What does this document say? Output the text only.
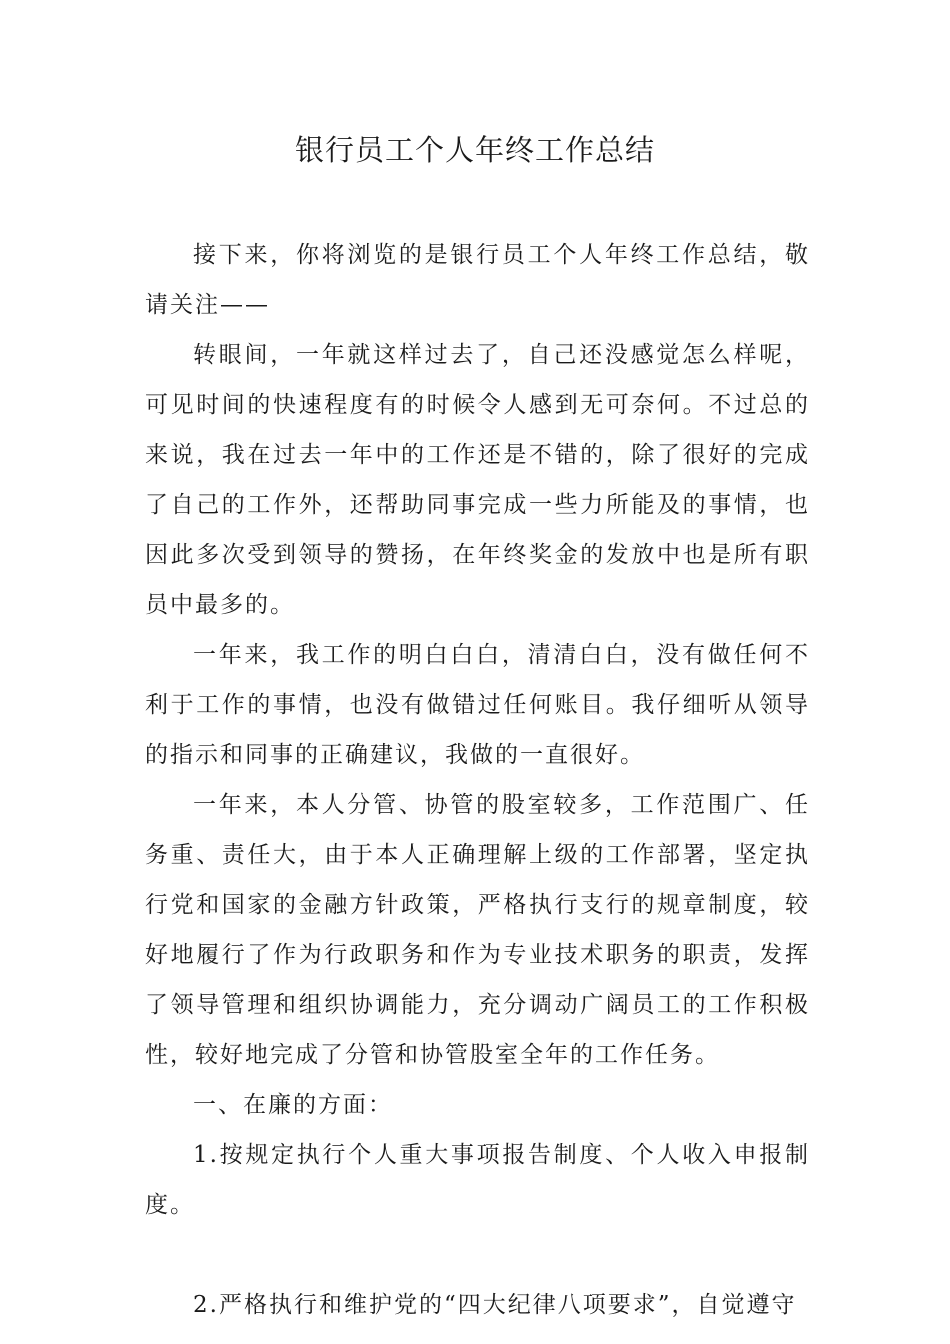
银行员工个人年终工作总结

接下来，你将浏览的是银行员工个人年终工作总结，敬请关注——

转眼间，一年就这样过去了，自己还没感觉怎么样呢，可见时间的快速程度有的时候令人感到无可奈何。不过总的来说，我在过去一年中的工作还是不错的，除了很好的完成了自己的工作外，还帮助同事完成一些力所能及的事情，也因此多次受到领导的赞扬，在年终奖金的发放中也是所有职员中最多的。

一年来，我工作的明白白白，清清白白，没有做任何不利于工作的事情，也没有做错过任何账目。我仔细听从领导的指示和同事的正确建议，我做的一直很好。

一年来，本人分管、协管的股室较多，工作范围广、任务重、责任大，由于本人正确理解上级的工作部署，坚定执行党和国家的金融方针政策，严格执行支行的规章制度，较好地履行了作为行政职务和作为专业技术职务的职责，发挥了领导管理和组织协调能力，充分调动广阔员工的工作积极性，较好地完成了分管和协管股室全年的工作任务。

一、在廉的方面：

1.按规定执行个人重大事项报告制度、个人收入申报制度。

2.严格执行和维护党的“四大纪律八项要求”，自觉遵守
